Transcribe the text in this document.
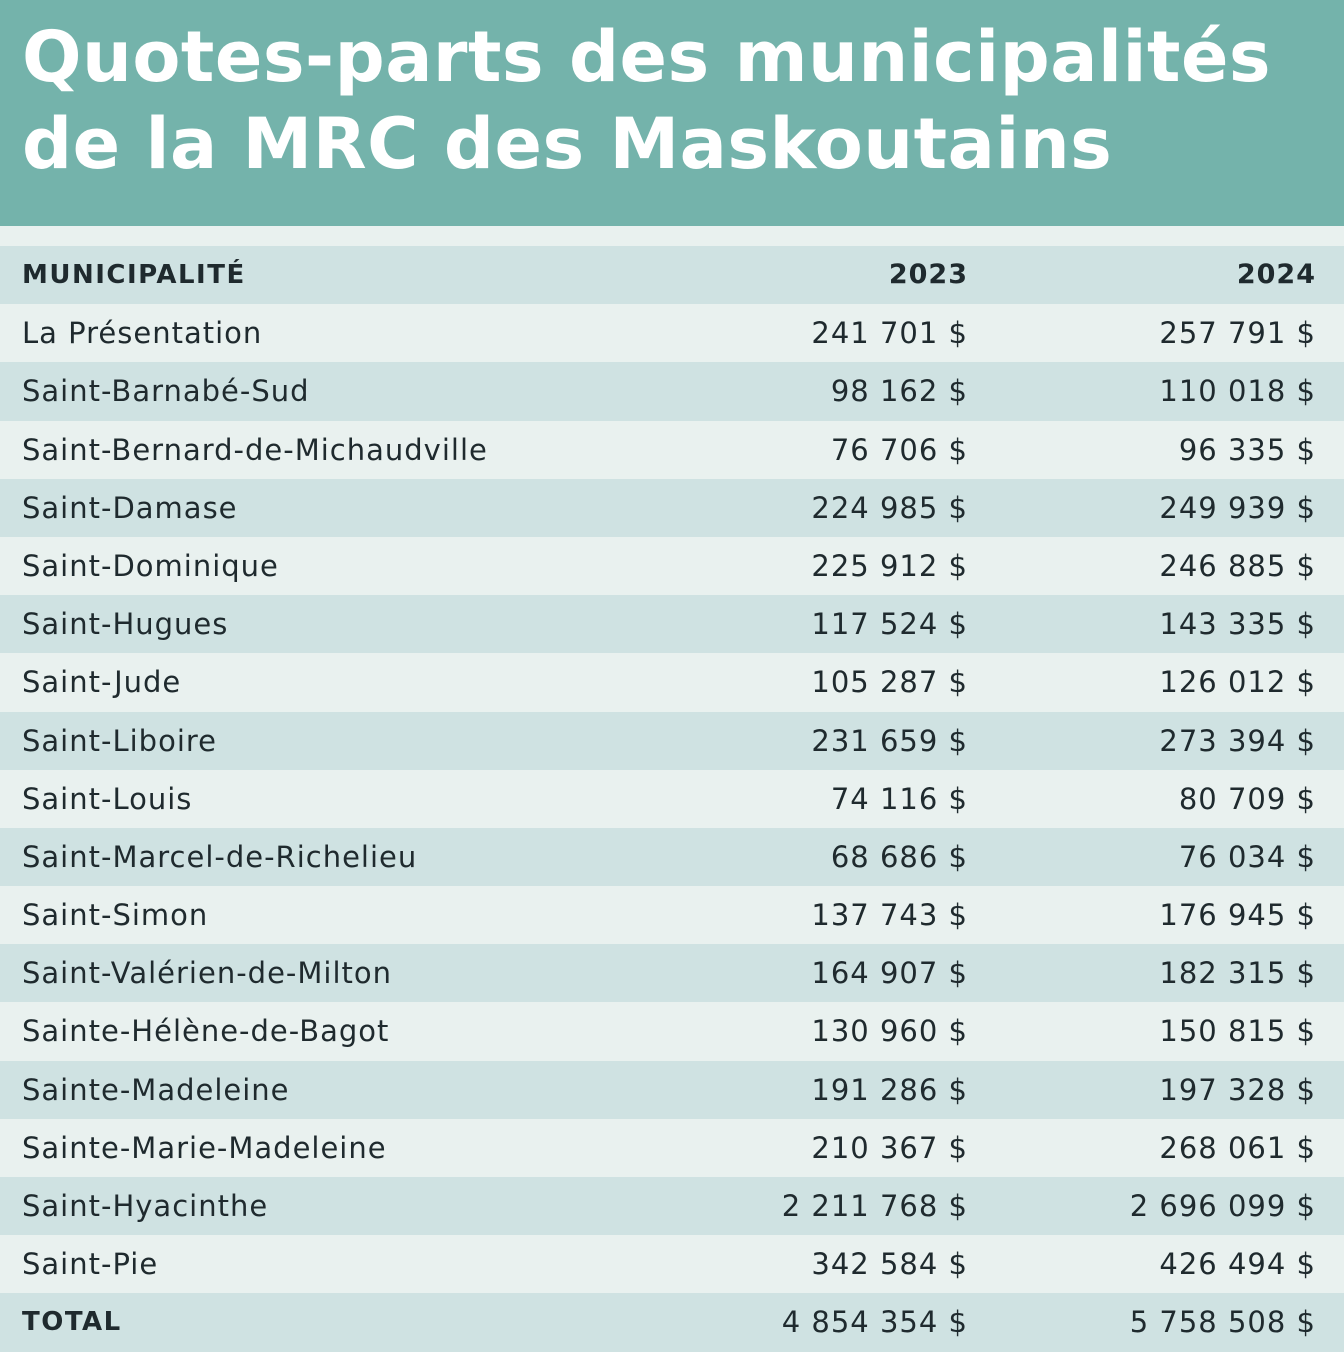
Quotes-parts des municipalités de la MRC des Maskoutains
MUNICIPALITÉ	2023	2024
La Présentation	241 701 $	257 791 $
Saint-Barnabé-Sud	98 162 $	110 018 $
Saint-Bernard-de-Michaudville	76 706 $	96 335 $
Saint-Damase	224 985 $	249 939 $
Saint-Dominique	225 912 $	246 885 $
Saint-Hugues	117 524 $	143 335 $
Saint-Jude	105 287 $	126 012 $
Saint-Liboire	231 659 $	273 394 $
Saint-Louis	74 116 $	80 709 $
Saint-Marcel-de-Richelieu	68 686 $	76 034 $
Saint-Simon	137 743 $	176 945 $
Saint-Valérien-de-Milton	164 907 $	182 315 $
Sainte-Hélène-de-Bagot	130 960 $	150 815 $
Sainte-Madeleine	191 286 $	197 328 $
Sainte-Marie-Madeleine	210 367 $	268 061 $
Saint-Hyacinthe	2 211 768 $	2 696 099 $
Saint-Pie	342 584 $	426 494 $
TOTAL	4 854 354 $	5 758 508 $
